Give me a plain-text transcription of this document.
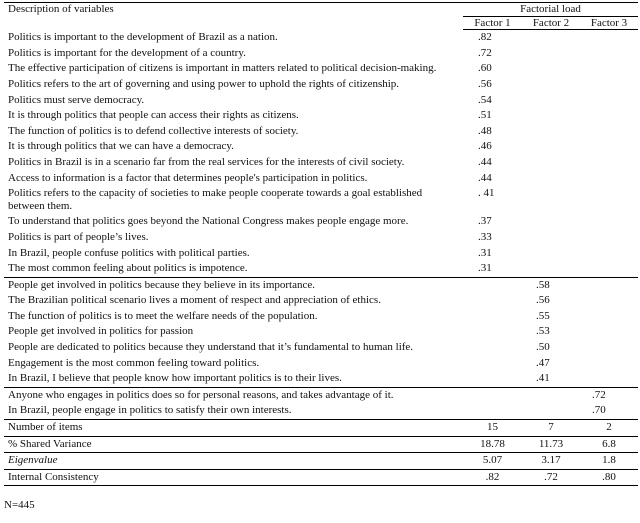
Description of variables	Factorial load		
	Factor 1	Factor 2	Factor 3
Politics is important to the development of Brazil as a nation.	.82		
Politics is important for the development of a country.	.72		
The effective participation of citizens is important in matters related to political decision-making.	.60		
Politics refers to the art of governing and using power to uphold the rights of citizenship.	.56		
Politics must serve democracy.	.54		
It is through politics that people can access their rights as citizens.	.51		
The function of politics is to defend collective interests of society.	.48		
It is through politics that we can have a democracy.	.46		
Politics in Brazil is in a scenario far from the real services for the interests of civil society.	.44		
Access to information is a factor that determines people's participation in politics.	.44		
Politics refers to the capacity of societies to make people cooperate towards a goal established between them.	. 41		
To understand that politics goes beyond the National Congress makes people engage more.	.37		
Politics is part of people’s lives.	.33		
In Brazil, people confuse politics with political parties.	.31		
The most common feeling about politics is impotence.	.31		
People get involved in politics because they believe in its importance.		.58	
The Brazilian political scenario lives a moment of respect and appreciation of ethics.		.56	
The function of politics is to meet the welfare needs of the population.		.55	
People get involved in politics for passion		.53	
People are dedicated to politics because they understand that it’s fundamental to human life.		.50	
Engagement is the most common feeling toward politics.		.47	
In Brazil, I believe that people know how important politics is to their lives.		.41	
Anyone who engages in politics does so for personal reasons, and takes advantage of it.			.72
In Brazil, people engage in politics to satisfy their own interests.			.70
Number of items	15	7	2
% Shared Variance	18.78	11.73	6.8
Eigenvalue	5.07	3.17	1.8
Internal Consistency	.82	.72	.80
N=445
